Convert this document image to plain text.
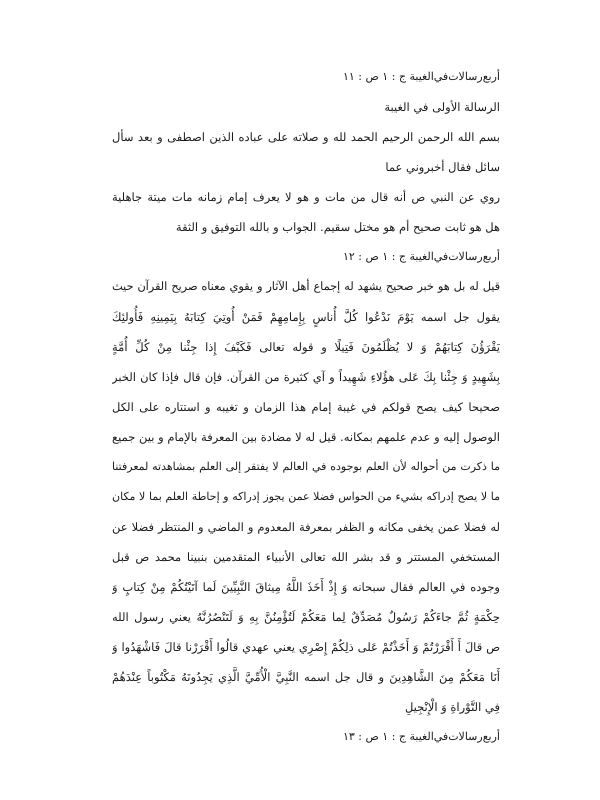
أربع‌رسالات‌في‌الغيبة ج : ١ ص : ١١
الرسالة الأولى في الغيبة
بسم الله الرحمن الرحيم الحمد لله و صلاته على عباده الذين اصطفى و بعد سأل
سائل فقال أخبروني عما
روي عن النبي ص أنه قال من مات و هو لا يعرف إمام زمانه مات ميتة جاهلية
هل هو ثابت صحيح أم هو مختل سقيم. الجواب و بالله التوفيق و الثقة
أربع‌رسالات‌في‌الغيبة ج : ١ ص : ١٢
قيل له بل هو خبر صحيح يشهد له إجماع أهل الآثار و يقوي معناه صريح القرآن حيث
يقول جل اسمه يَوْمَ نَدْعُوا كُلَّ أُناسٍ بِإِمامِهِمْ فَمَنْ أُوتِيَ كِتابَهُ بِيَمِينِهِ فَأُولئِكَ
يَقْرَؤُنَ كِتابَهُمْ وَ لا يُظْلَمُونَ فَتِيلًا و قوله تعالى فَكَيْفَ إِذا جِئْنا مِنْ كُلِّ أُمَّةٍ
بِشَهِيدٍ وَ جِئْنا بِكَ عَلى هؤُلاءِ شَهِيداً و آي كثيرة من القرآن. فإن قال فإذا كان الخبر
صحيحا كيف يصح قولكم في غيبة إمام هذا الزمان و تغيبه و استتاره على الكل
الوصول إليه و عدم علمهم بمكانه. قيل له لا مضادة بين المعرفة بالإمام و بين جميع
ما ذكرت من أحواله لأن العلم بوجوده في العالم لا يفتقر إلى العلم بمشاهدته لمعرفتنا
ما لا يصح إدراكه بشيء من الحواس فضلا عمن يجوز إدراكه و إحاطة العلم بما لا مكان
له فضلا عمن يخفى مكانه و الظفر بمعرفة المعدوم و الماضي و المنتظر فضلا عن
المستخفي المستتر و قد بشر الله تعالى الأنبياء المتقدمين بنبينا محمد ص قبل
وجوده في العالم فقال سبحانه وَ إِذْ أَخَذَ اللَّهُ مِيثاقَ النَّبِيِّينَ لَما آتَيْتُكُمْ مِنْ كِتابٍ وَ
حِكْمَةٍ ثُمَّ جاءَكُمْ رَسُولٌ مُصَدِّقٌ لِما مَعَكُمْ لَتُؤْمِنُنَّ بِهِ وَ لَتَنْصُرُنَّهُ يعني رسول الله
ص قالَ أَ أَقْرَرْتُمْ وَ أَخَذْتُمْ عَلى ذلِكُمْ إِصْرِي يعني عهدي قالُوا أَقْرَرْنا قالَ فَاشْهَدُوا وَ
أَنَا مَعَكُمْ مِنَ الشَّاهِدِينَ و قال جل اسمه النَّبِيَّ الْأُمِّيَّ الَّذِي يَجِدُونَهُ مَكْتُوباً عِنْدَهُمْ
فِي التَّوْراةِ وَ الْإِنْجِيلِ
أربع‌رسالات‌في‌الغيبة ج : ١ ص : ١٣
